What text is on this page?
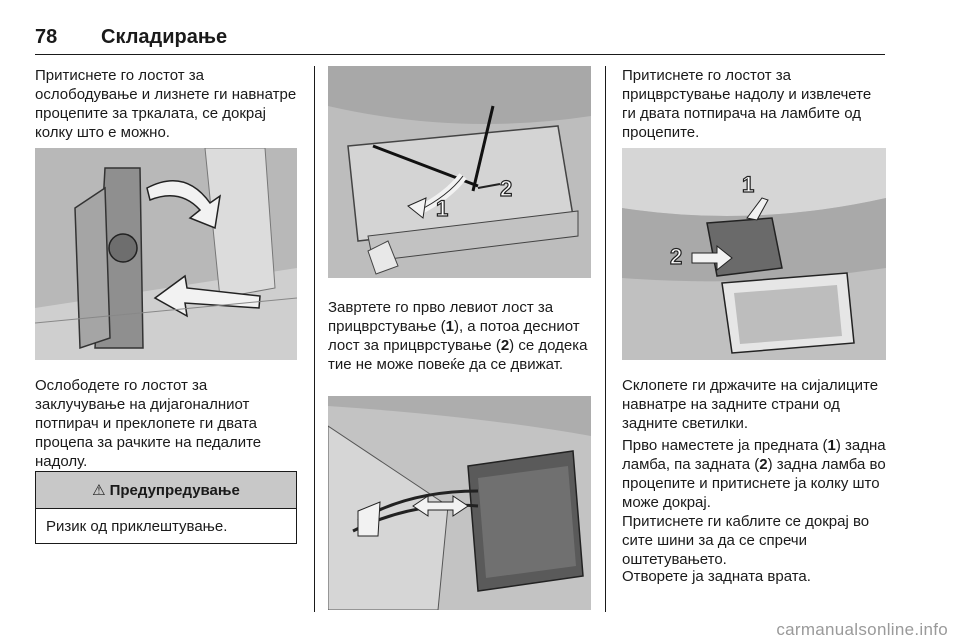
78 Складирање

Притиснете го лостот за ослободување и лизнете ги навнатре процепите за тркалата, се докрај колку што е можно.

Ослободете го лостот за заклучување на дијагоналниот потпирач и преклопете ги двата процепа за рачките на педалите надолу.

⚠ Предупредување
Ризик од приклештување.
1
2

Завртете го прво левиот лост за прицврстување (1), а потоа десниот лост за прицврстување (2) се додека тие не може повеќе да се движат.

Притиснете го лостот за прицврстување надолу и извлечете ги двата потпирача на ламбите од процепите.

1
2

Склопете ги држачите на сијалиците навнатре на задните страни од задните светилки.

Прво наместете ја предната (1) задна ламба, па задната (2) задна ламба во процепите и притиснете ја колку што може докрај.

Притиснете ги каблите се докрај во сите шини за да се спречи оштетувањето.

Отворете ја задната врата.

carmanualsonline.info
